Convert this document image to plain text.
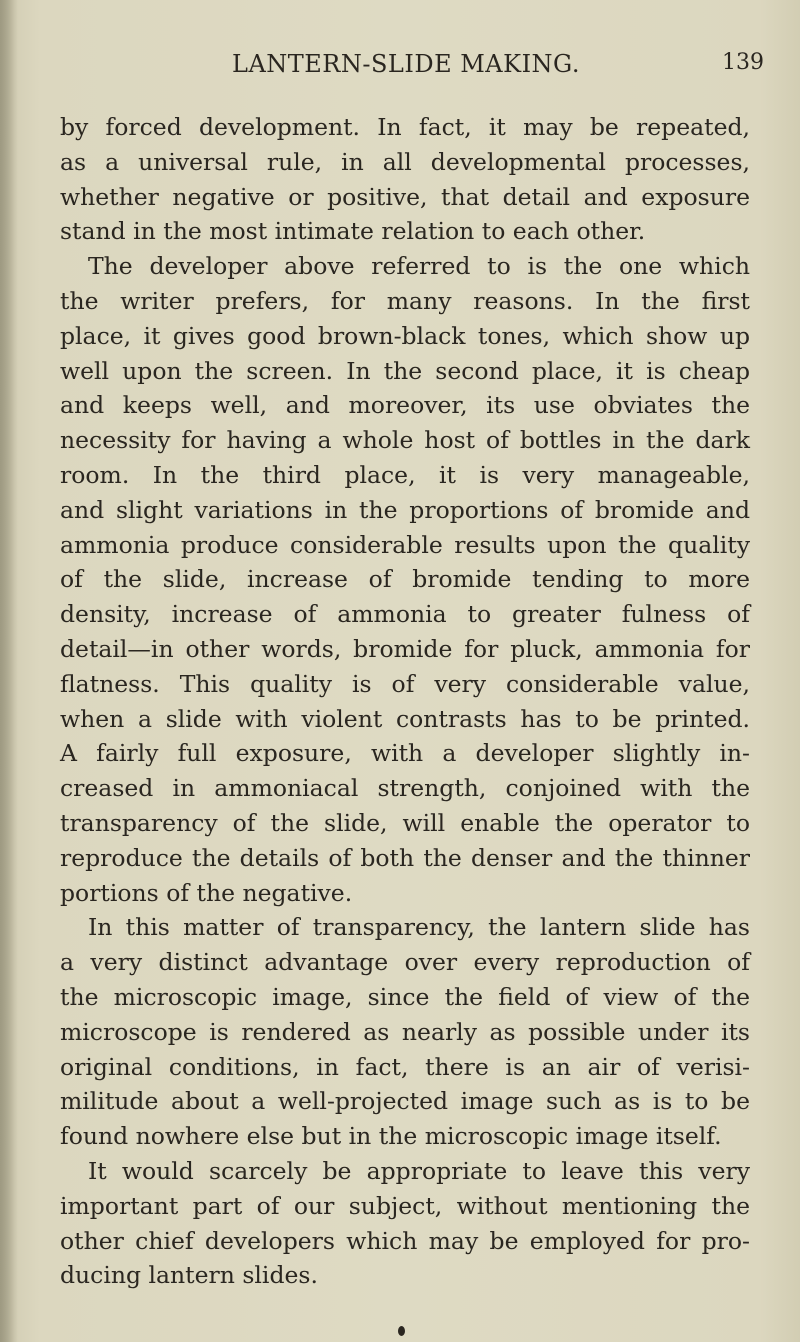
LANTERN-SLIDE MAKING.	139
by forced development. In fact, it may be repeated,
as a universal rule, in all developmental processes,
whether negative or positive, that detail and exposure
stand in the most intimate relation to each other.
The developer above referred to is the one which
the writer prefers, for many reasons. In the first
place, it gives good brown-black tones, which show up
well upon the screen. In the second place, it is cheap
and keeps well, and moreover, its use obviates the
necessity for having a whole host of bottles in the dark
room. In the third place, it is very manageable,
and slight variations in the proportions of bromide and
ammonia produce considerable results upon the quality
of the slide, increase of bromide tending to more
density, increase of ammonia to greater fulness of
detail—in other words, bromide for pluck, ammonia for
flatness. This quality is of very considerable value,
when a slide with violent contrasts has to be printed.
A fairly full exposure, with a developer slightly in-
creased in ammoniacal strength, conjoined with the
transparency of the slide, will enable the operator to
reproduce the details of both the denser and the thinner
portions of the negative.
In this matter of transparency, the lantern slide has
a very distinct advantage over every reproduction of
the microscopic image, since the field of view of the
microscope is rendered as nearly as possible under its
original conditions, in fact, there is an air of verisi-
militude about a well-projected image such as is to be
found nowhere else but in the microscopic image itself.
It would scarcely be appropriate to leave this very
important part of our subject, without mentioning the
other chief developers which may be employed for pro-
ducing lantern slides.
